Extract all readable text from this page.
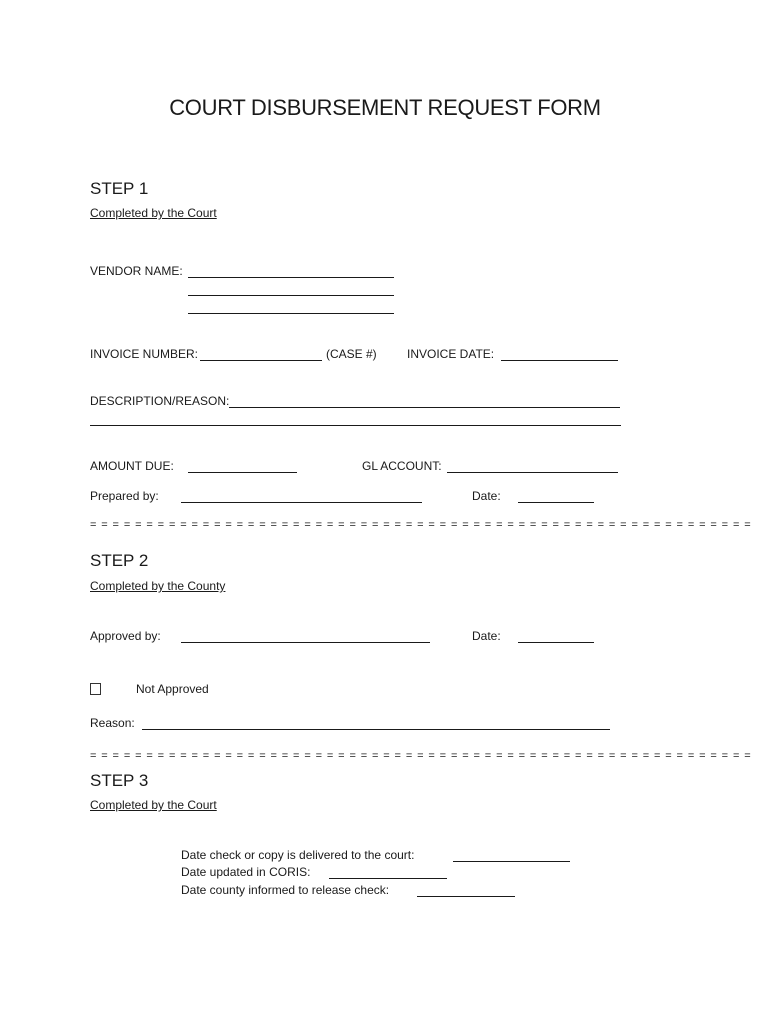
COURT DISBURSEMENT REQUEST FORM
STEP 1
Completed by the Court
VENDOR NAME:
INVOICE NUMBER:	(CASE #)	INVOICE DATE:
DESCRIPTION/REASON:
AMOUNT DUE:	GL ACCOUNT:
Prepared by:	Date:
= = = = = = = = = = = = = = = = = = = = = = = = = = = = = = = = = = = = = = = = = = = = = = = = = = = = = = = = = = =
STEP 2
Completed by the County
Approved by:	Date:
Not Approved
Reason:
= = = = = = = = = = = = = = = = = = = = = = = = = = = = = = = = = = = = = = = = = = = = = = = = = = = = = = = = = = =
STEP 3
Completed by the Court
Date check or copy is delivered to the court:
Date updated in CORIS:
Date county informed to release check:
